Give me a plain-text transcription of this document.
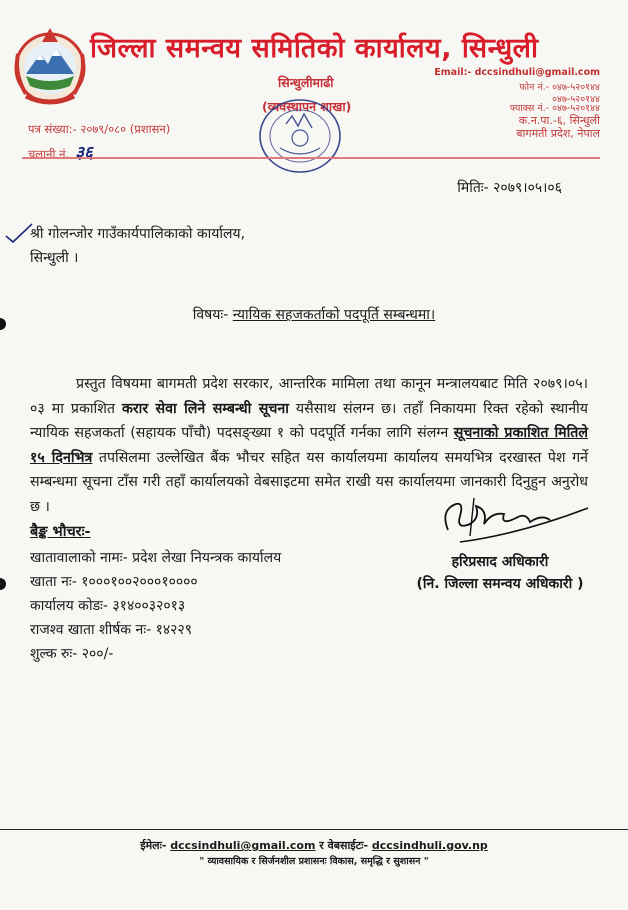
जिल्ला समन्वय समितिको कार्यालय, सिन्धुली
Email:- dccsindhuli@gmail.com
फोन नं.- ०४७-५२०१४४
०४७-५२०१४४
फ्याक्स नं.- ०४७-५२०१४४
क.न.पा.-६, सिन्धुली
बागमती प्रदेश, नेपाल
सिन्धुलीमाढी
(व्यवस्थापन शाखा)
पत्र संख्या:- २०७९/०८० (प्रशासन)
चलानी नं. ३६
मितिः- २०७९।०५।०६
श्री गोलन्जोर गाउँकार्यपालिकाको कार्यालय,
सिन्धुली ।
विषयः- न्यायिक सहजकर्ताको पदपूर्ति सम्बन्धमा।
प्रस्तुत विषयमा बागमती प्रदेश सरकार, आन्तरिक मामिला तथा कानून मन्त्रालयबाट मिति २०७९।०५।०३ मा प्रकाशित करार सेवा लिने सम्बन्धी सूचना यसैसाथ संलग्न छ। तहाँ निकायमा रिक्त रहेको स्थानीय न्यायिक सहजकर्ता (सहायक पाँचौ) पदसङ्ख्या १ को पदपूर्ति गर्नका लागि संलग्न सूचनाको प्रकाशित मितिले १५ दिनभित्र तपसिलमा उल्लेखित बैंक भौचर सहित यस कार्यालयमा कार्यालय समयभित्र दरखास्त पेश गर्ने सम्बन्धमा सूचना टाँस गरी तहाँ कार्यालयको वेबसाइटमा समेत राखी यस कार्यालयमा जानकारी दिनुहुन अनुरोध छ ।
बैङ्क भौचरः-
खातावालाको नामः- प्रदेश लेखा नियन्त्रक कार्यालय
खाता नः- १०००१००२०००१००००
कार्यालय कोडः- ३१४००३२०१३
राजश्व खाता शीर्षक नः- १४२२९
शुल्क रुः- २००/-
हरिप्रसाद अधिकारी
(नि. जिल्ला समन्वय अधिकारी )
ईमेलः- dccsindhuli@gmail.com र वेबसाईटः- dccsindhuli.gov.np
" व्यावसायिक र सिर्जनशील प्रशासनः विकास, समृद्धि र सुशासन "
